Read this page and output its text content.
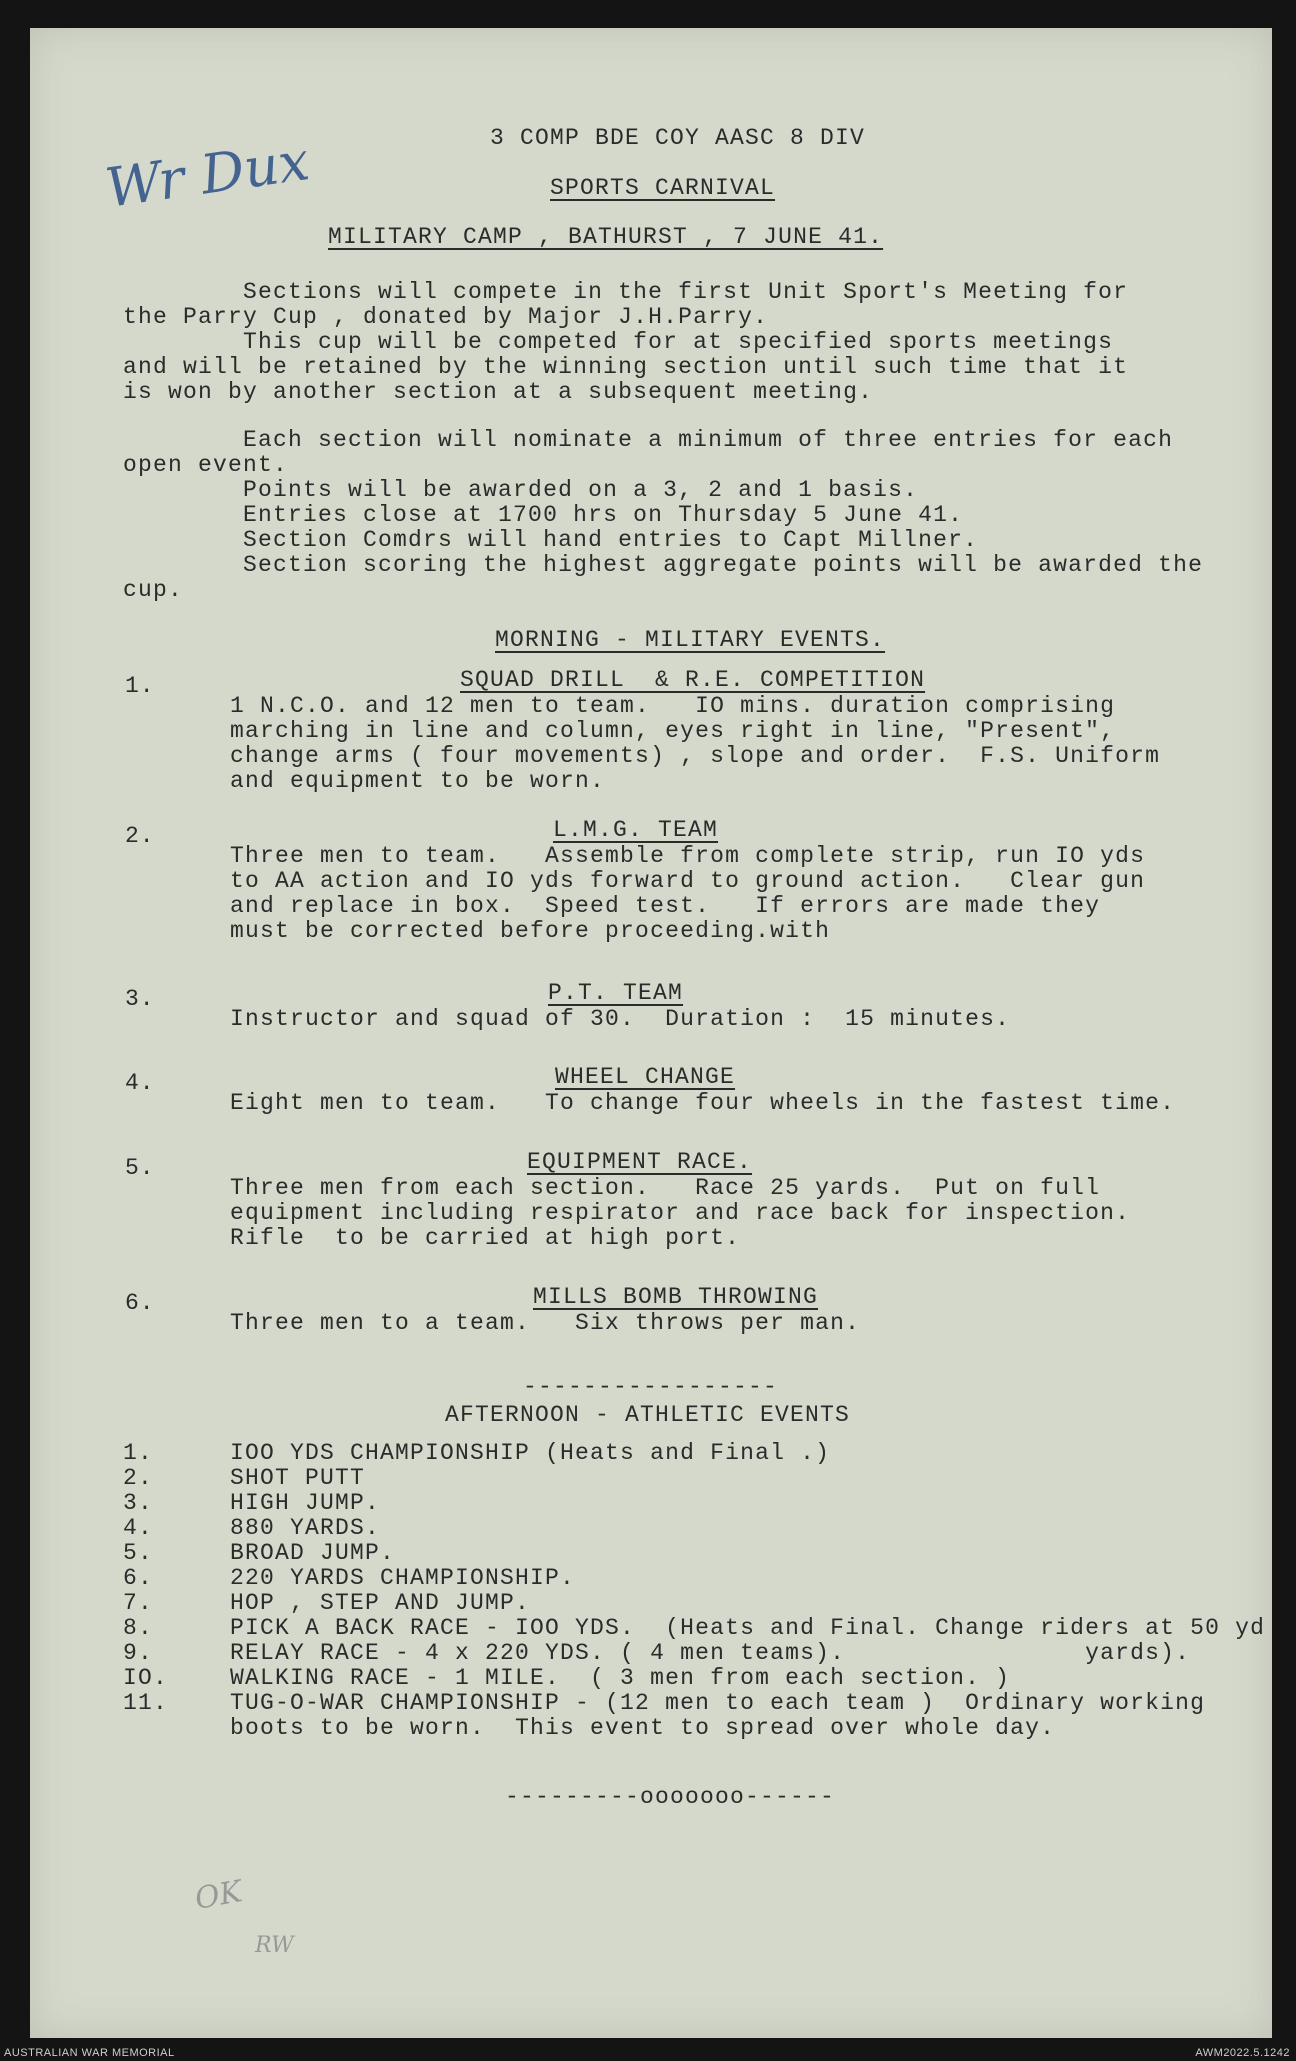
Wr Dux	3 COMP BDE COY AASC 8 DIV
SPORTS CARNIVAL
MILITARY CAMP , BATHURST , 7 JUNE 41.
Sections will compete in the first Unit Sport's Meeting for
the Parry Cup , donated by Major J.H.Parry.
This cup will be competed for at specified sports meetings
and will be retained by the winning section until such time that it
is won by another section at a subsequent meeting.
Each section will nominate a minimum of three entries for each
open event.
Points will be awarded on a 3, 2 and 1 basis.
Entries close at 1700 hrs on Thursday 5 June 41.
Section Comdrs will hand entries to Capt Millner.
Section scoring the highest aggregate points will be awarded the
cup.
MORNING - MILITARY EVENTS.
1.	SQUAD DRILL  & R.E. COMPETITION
1 N.C.O. and 12 men to team.   IO mins. duration comprising
marching in line and column, eyes right in line, "Present",
change arms ( four movements) , slope and order.  F.S. Uniform
and equipment to be worn.
2.	L.M.G. TEAM
Three men to team.   Assemble from complete strip, run IO yds
to AA action and IO yds forward to ground action.   Clear gun
and replace in box.  Speed test.   If errors are made they
must be corrected before proceeding.with
3.	P.T. TEAM
Instructor and squad of 30.  Duration :  15 minutes.
4.	WHEEL CHANGE
Eight men to team.   To change four wheels in the fastest time.
5.	EQUIPMENT RACE.
Three men from each section.   Race 25 yards.  Put on full
equipment including respirator and race back for inspection.
Rifle  to be carried at high port.
6.	MILLS BOMB THROWING
Three men to a team.   Six throws per man.
-----------------
AFTERNOON - ATHLETIC EVENTS
1.	IOO YDS CHAMPIONSHIP (Heats and Final .)
2.	SHOT PUTT
3.	HIGH JUMP.
4.	880 YARDS.
5.	BROAD JUMP.
6.	220 YARDS CHAMPIONSHIP.
7.	HOP , STEP AND JUMP.
8.	PICK A BACK RACE - IOO YDS.  (Heats and Final. Change riders at 50 yd
9.	RELAY RACE - 4 x 220 YDS. ( 4 men teams).                yards).
IO.	WALKING RACE - 1 MILE.  ( 3 men from each section. )
11.	TUG-O-WAR CHAMPIONSHIP - (12 men to each team )  Ordinary working
boots to be worn.  This event to spread over whole day.
---------ooooooo------
OK
RW
AUSTRALIAN WAR MEMORIAL	AWM2022.5.1242
